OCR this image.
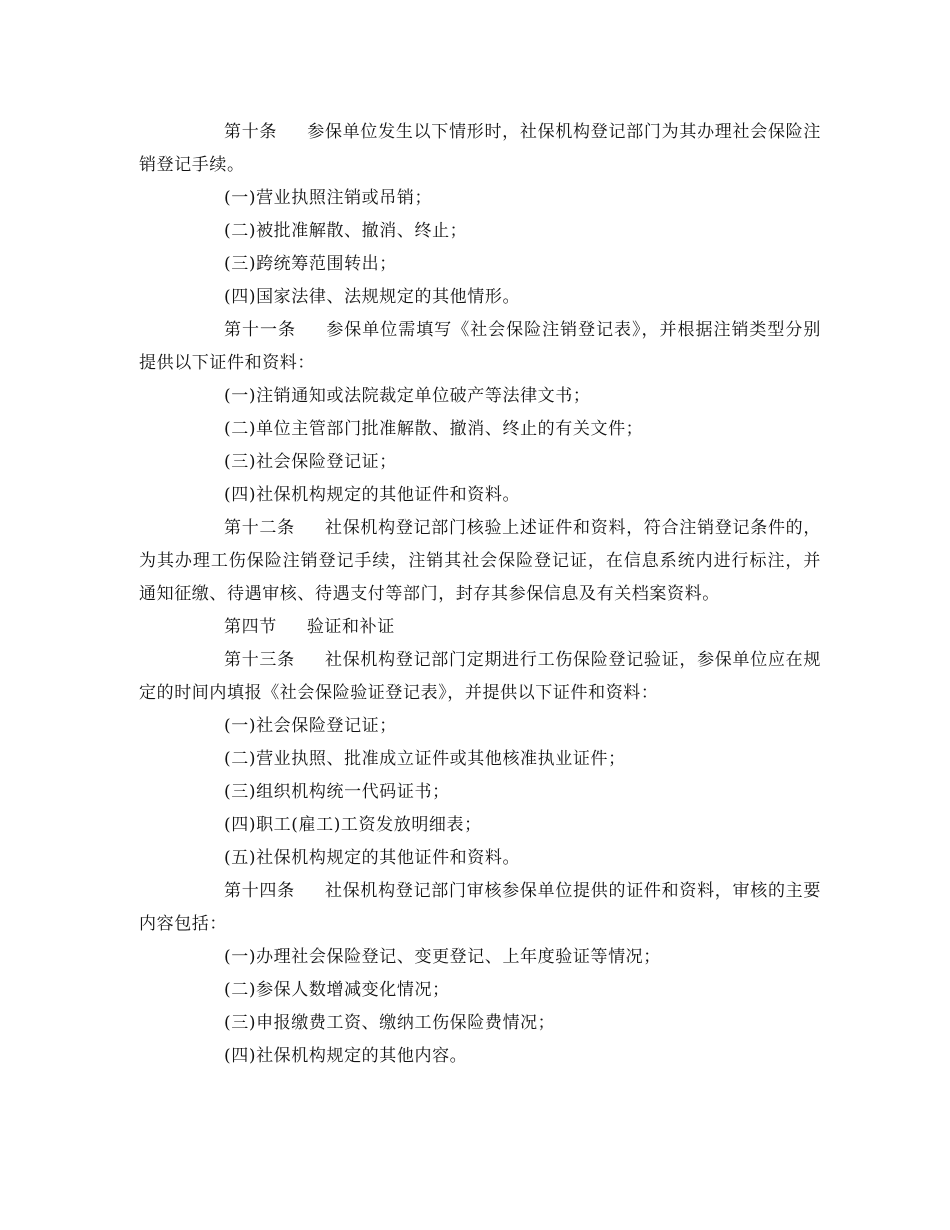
第十条 参保单位发生以下情形时，社保机构登记部门为其办理社会保险注销登记手续。

(一)营业执照注销或吊销；

(二)被批准解散、撤消、终止；

(三)跨统筹范围转出；

(四)国家法律、法规规定的其他情形。

第十一条 参保单位需填写《社会保险注销登记表》，并根据注销类型分别提供以下证件和资料：

(一)注销通知或法院裁定单位破产等法律文书；

(二)单位主管部门批准解散、撤消、终止的有关文件；

(三)社会保险登记证；

(四)社保机构规定的其他证件和资料。

第十二条 社保机构登记部门核验上述证件和资料，符合注销登记条件的，为其办理工伤保险注销登记手续，注销其社会保险登记证，在信息系统内进行标注，并通知征缴、待遇审核、待遇支付等部门，封存其参保信息及有关档案资料。

第四节 验证和补证

第十三条 社保机构登记部门定期进行工伤保险登记验证，参保单位应在规定的时间内填报《社会保险验证登记表》，并提供以下证件和资料：

(一)社会保险登记证；

(二)营业执照、批准成立证件或其他核准执业证件；

(三)组织机构统一代码证书；

(四)职工(雇工)工资发放明细表；

(五)社保机构规定的其他证件和资料。

第十四条 社保机构登记部门审核参保单位提供的证件和资料，审核的主要内容包括：

(一)办理社会保险登记、变更登记、上年度验证等情况；

(二)参保人数增减变化情况；

(三)申报缴费工资、缴纳工伤保险费情况；

(四)社保机构规定的其他内容。
